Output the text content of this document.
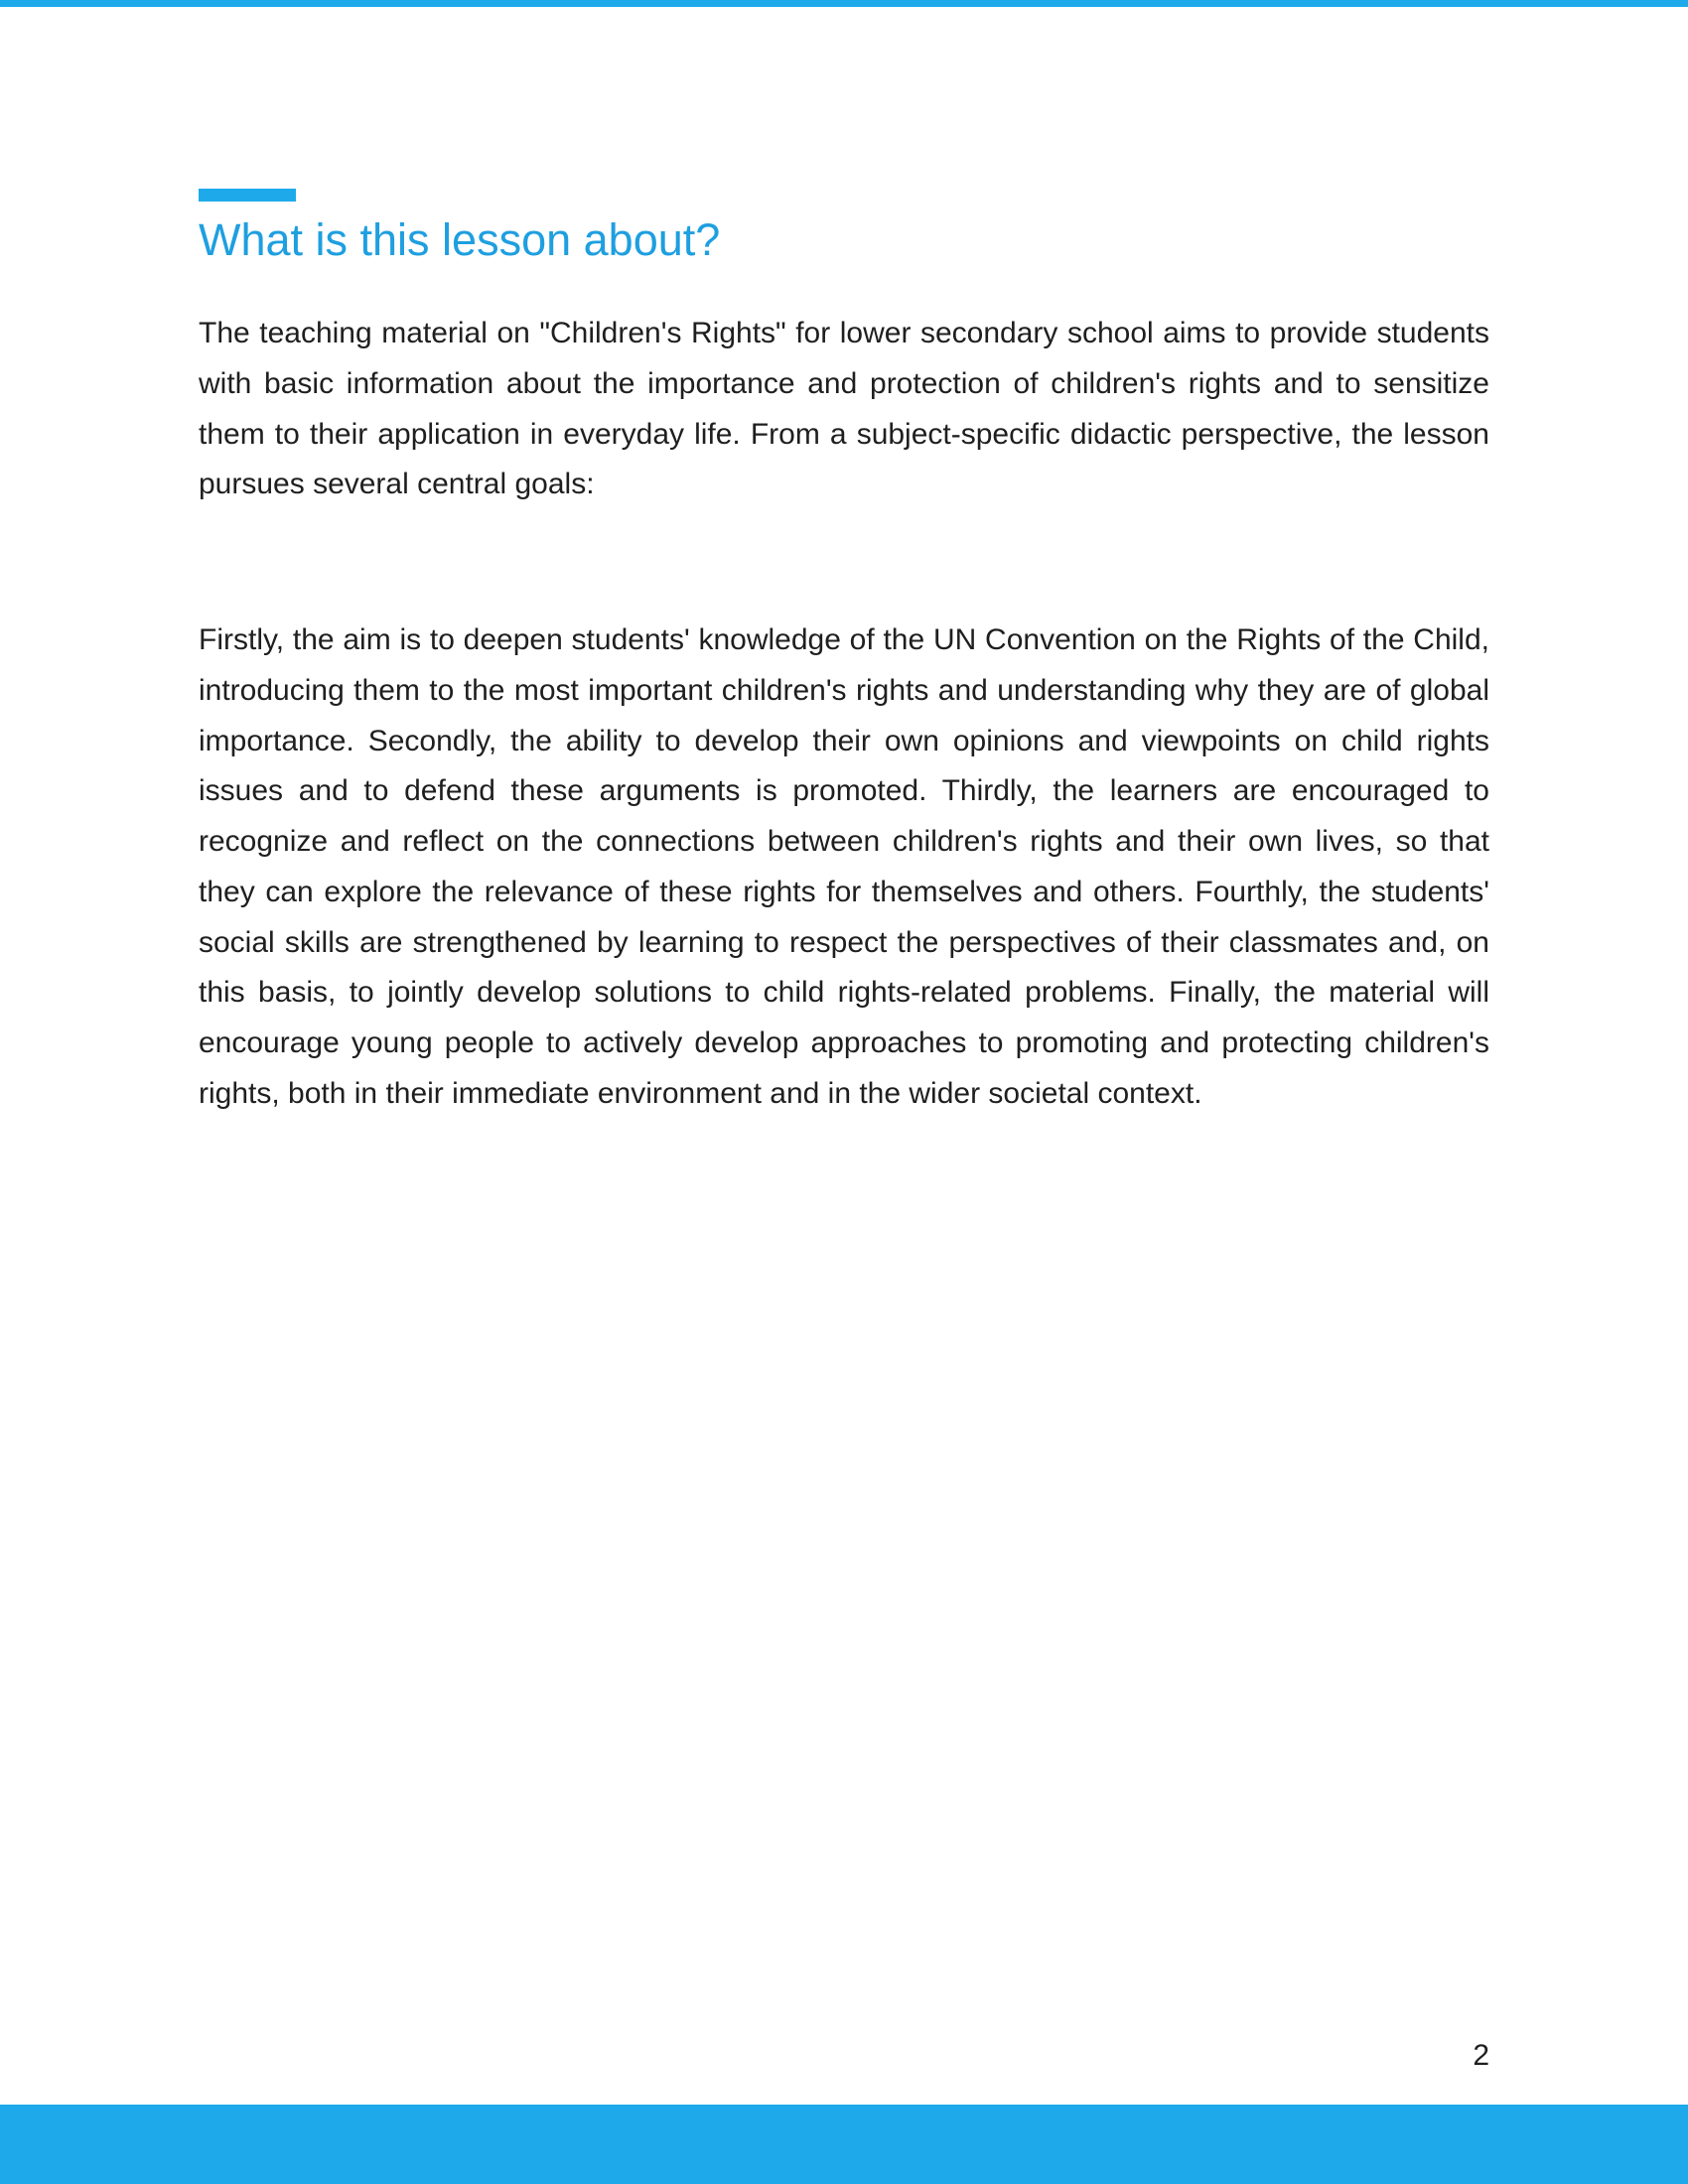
What is this lesson about?

The teaching material on "Children's Rights" for lower secondary school aims to provide students with basic information about the importance and protection of children's rights and to sensitize them to their application in everyday life. From a subject-specific didactic perspective, the lesson pursues several central goals:

Firstly, the aim is to deepen students' knowledge of the UN Convention on the Rights of the Child, introducing them to the most important children's rights and understanding why they are of global importance. Secondly, the ability to develop their own opinions and viewpoints on child rights issues and to defend these arguments is promoted. Thirdly, the learners are encouraged to recognize and reflect on the connections between children's rights and their own lives, so that they can explore the relevance of these rights for themselves and others. Fourthly, the students' social skills are strengthened by learning to respect the perspectives of their classmates and, on this basis, to jointly develop solutions to child rights-related problems. Finally, the material will encourage young people to actively develop approaches to promoting and protecting children's rights, both in their immediate environment and in the wider societal context.

2
